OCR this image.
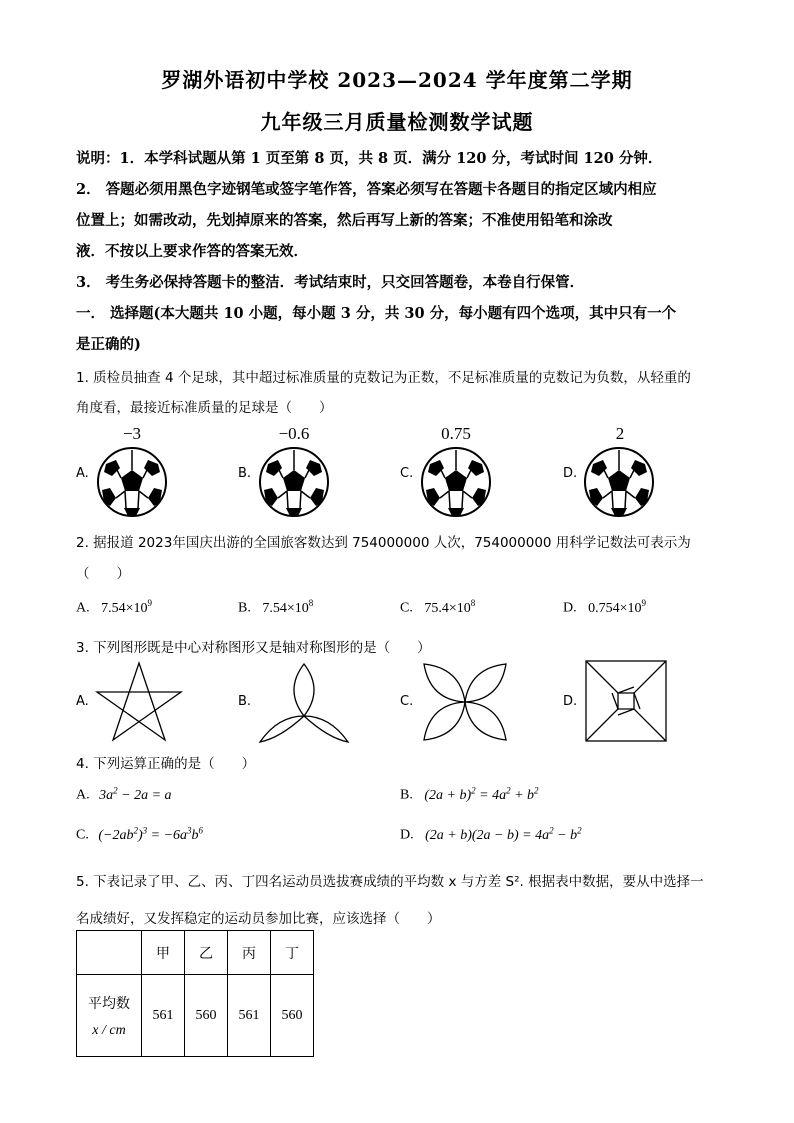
罗湖外语初中学校 2023—2024 学年度第二学期
九年级三月质量检测数学试题
说明：1．本学科试题从第 1 页至第 8 页，共 8 页．满分 120 分，考试时间 120 分钟．
2． 答题必须用黑色字迹钢笔或签字笔作答，答案必须写在答题卡各题目的指定区域内相应
位置上；如需改动，先划掉原来的答案，然后再写上新的答案；不准使用铅笔和涂改
液．不按以上要求作答的答案无效．
3． 考生务必保持答题卡的整洁．考试结束时，只交回答题卷，本卷自行保管．
一． 选择题(本大题共 10 小题，每小题 3 分，共 30 分，每小题有四个选项，其中只有一个
是正确的)
1. 质检员抽查 4 个足球，其中超过标准质量的克数记为正数，不足标准质量的克数记为负数，从轻重的
角度看，最接近标准质量的足球是（　　）
−3	−0.6	0.75	2
A.	B.	C.	D.
2. 据报道 2023年国庆出游的全国旅客数达到 754000000 人次，754000000 用科学记数法可表示为
（　　）
A. $7.54\times 10^9$	B. $7.54\times 10^8$	C. $75.4\times 10^8$	D. $0.754\times 10^9$
3. 下列图形既是中心对称图形又是轴对称图形的是（　　）
A.	B.	C.	D.
4. 下列运算正确的是（　　）
A. $3a^2 - 2a = a$	B. $(2a + b)^2 = 4a^2 + b^2$
C. $(-2ab^2)^3 = -6a^3b^6$	D. $(2a + b)(2a - b) = 4a^2 - b^2$
5. 下表记录了甲、乙、丙、丁四名运动员选拔赛成绩的平均数 x 与方差 S². 根据表中数据，要从中选择一
名成绩好，又发挥稳定的运动员参加比赛，应该选择（　　）
	甲	乙	丙	丁

平均数
x / cm	561	560	561	560
